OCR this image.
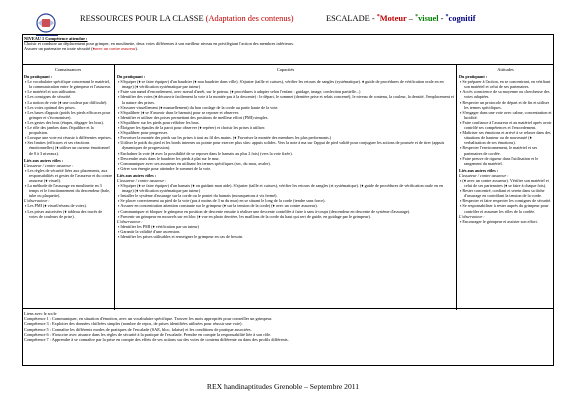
RESSOURCES POUR LA CLASSE (Adaptation des contenus)	ESCALADE - *Moteur – *visuel - *cognitif
NIVEAU 1 Compétence attendue :
Choisir et conduire un déplacement pour grimper, en moulinette, deux voies différentes à son meilleur niveau en privilégiant l'action des membres inférieurs.
Assurer un partenaire en toute sécurité (♦avec un contre assureur).
Connaissances
Du pratiquant :
▪ Le vocabulaire spécifique concernant le matériel, la communication entre le grimpeur et l'assureur.
▪ Le matériel et son utilisation.
▪ Les consignes de sécurité.
▪ La notion de voie (♦ une couleur par difficulté).
▪ Les voies optimal des prises.
▪ Les bases d'appuis (poids les pieds efficaces pour grimper et s'économiser).
▪ Les gestes des bras (étapes, dégager les bras).
▪ Le rôle des jambes dans l'équilibre et la propulsion.
▪ Lorsque une voie est réussie à différentes reprises.
▪ Ses limites (efficaces et ses réactions émotionnelles) (♦ utiliser un curseur émotionnel de 0 à 3 niveaux).
Liés aux autres rôles :
L'assureur / contre assureur :
▪ Les règles de sécurité liées aux placements, aux responsabilités et gestes de l'assureur et du contre assureur (♦ visuel).
▪ La méthode de l'assurage en moulinette en 3 temps et le fonctionnement du descendeur (bale, tube ou plaquette).
L'observateur :
▪ Les PMI (♦ visuel/réseau de voies).
▪ Les prises autorisées (♦ tableau des tracés de voies de couleurs de prise).
Capacités
Du pratiquant :
▪ S'équiper (♦ se faire équiper) d'un baudrier (♦ nou baudrier dans ville). S'ajuster (taille et cuisses), vérifier les retours de sangles (systématique). ♦ guide de procédures de vérification orale en en image) (♦ vérification systématique par tuteur)
▪ Faire son nœud d'encordement, avec noeud d'arrêt, sur le poteau. (♦ procédures à adapter selon l'enfant : guidage, image, confection partielle...)
▪ Identifier des voies (♦ découvrir facilement la voie à la montée pas à la descente) : le départ, le sommet (dernière prise et relais concerné), le niveau de contenu, la couleur, la densité, l'emplacement et la nature des prises.
▪ S'assurer visuellement (♦ manuellement) du bon cordage de la corde au partir haute de la voie.
▪ S'équilibrer (♦ se S'asseoir dans le harnais) pour se reposer et observer.
▪ Identifier et utiliser des prises permettant des positions de meilleur effort (PMI) simples.
▪ S'équilibrer sur les pieds pour relâcher les bras.
▪ Éloigner les épaules de la paroi pour observer (♦ repérer) et choisir les prises à utiliser.
▪ S'équilibrer pour progresser.
▪ Favoriser la montée des pieds sur les prises à tout au fil des mains. (♦ Favoriser la montée des membres les plus performants.)
▪ Utiliser le poids du pied et les bords internes ou pointe pour exercer plus sûrs: appuis solides. Vers la note à ma sur l'appui de pied validé pour conjuguer les actions de poussée et de tirer (appuis dynamiques de progression).
▪ Enchaîner la voie (♦ avec la possibilité de se reposer dans le harnais au plus 2 fois) (vers la voie fixée).
▪ Descendre assis dans le baudrier les pieds à plat sur le mur.
▪ Communiquer avec ses assureurs en utilisant les termes spécifiques (sec, du mou, avaler).
▪ Gérer son énergie pour atteindre le sommet de la voie.
Liés aux autres rôles :
L'assureur / contre assureur :
▪ S'équiper (♦ se faire équiper) d'un harnais (♦ on guidant mon aide). S'ajuster (taille et cuisses), vérifier les retours de sangles (et systématique). (♦ guide de procédures de vérification orale en en image) (♦ vérification systématique par tuteur)
▪ Installer le système d'assurage sur la corde ou le pontet du harnais (mousquetons à vis fermé).
▪ Se placer correctement au pied de la voie (pas à moins de 3 m du mur) en se situant le long de la corde (tendre sans force).
▪ Assurer en concentration attention constante sur le grimpeur (♦ sur la tension de la corde) (♦ avec un contre assureur).
▪ Communiquer et bloquer le grimpeur en position de descente ensuite à réaliser une descente contrôlée à faire à sans à-coups (descendeur en descente de système d'assurage).
▪ Parvenir un grimpeur en mouvels sur en bloc (♦ vue en photo derrière, les maillons de la corde du haut qui sert de guide, en guidage par le grimpeur).
L'observateur :
▪ Identifier les PMI (♦ vérification par un tuteur)
▪ Garantir la validité d'une ascension.
▪ Identifier les prises utilisables et renseigner le grimpeur en cas de besoin.
Attitudes
Du pratiquant :
▪ Se préparer à l'action, en se concentrant, en vérifiant son matériel et celui de ses partenaires.
▪ Accès conscience de sa moyenne ou chercheuse des voies adaptées.
▪ Respecter un protocole de départ et de fin et utiliser les termes spécifiques.
▪ S'engager dans une voie avec calme, concentration et lucidité.
▪ Faire confiance à l'assureur et au matériel après avoir contrôlé ses compétences et l'encordement.
▪ Maîtriser ses émotions et arrivé à se relaxer dans des situations de hauteur ou de nouveauté (♦ verbalisation de ses émotions).
▪ Respecter l'environnement, le matériel et ses partenaires de cordée.
▪ Faire preuve de rigueur dans l'utilisation et le rangement du matériel.
Liés aux autres rôles :
L'assureur / contre assureur :
▪ (♦ avec un contre assureur). Vérifier son matériel et celui de ses partenaires (♦ se faire à chaque fois).
▪ Rester concentré, confiant et serein dans sa tâche d'assurage en contrôlant la tension de la corde.
▪ Respecter et faire respecter les consignes de sécurité.
▪ Se responsabiliser à rester auprès du grimpeur pour contrôler et assumer les rôles de la cordée.
L'observateur :
▪ Encourager le grimpeur et assister son effort.
Liens avec le socle
Compétence 1 : Communiquer, en situation d'émotion, avec un vocabulaire spécifique. Trouver les mots appropriés pour conseiller un grimpeur.
Compétence 3 : Exploiter des données chiffrées simples (nombre de repos, de prises identifiées utilisées pour réussir une voie).
Compétence 5 : Connaître les différents modes de pratiques de l'escalade (SAE, bloc, falaise) et les conditions de pratique associées.
Compétence 6 : S'inscrire avec aisance dans les règles de sécurité à la pratique de l'escalade. Prendre en compte la responsabilité liée à son rôle.
Compétence 7 : Apprendre à se connaître par la prise en compte des effets de ses actions sur des voies de contenu différente ou dans des profils différents.
REX handinaptitudes Grenoble – Septembre 2011
